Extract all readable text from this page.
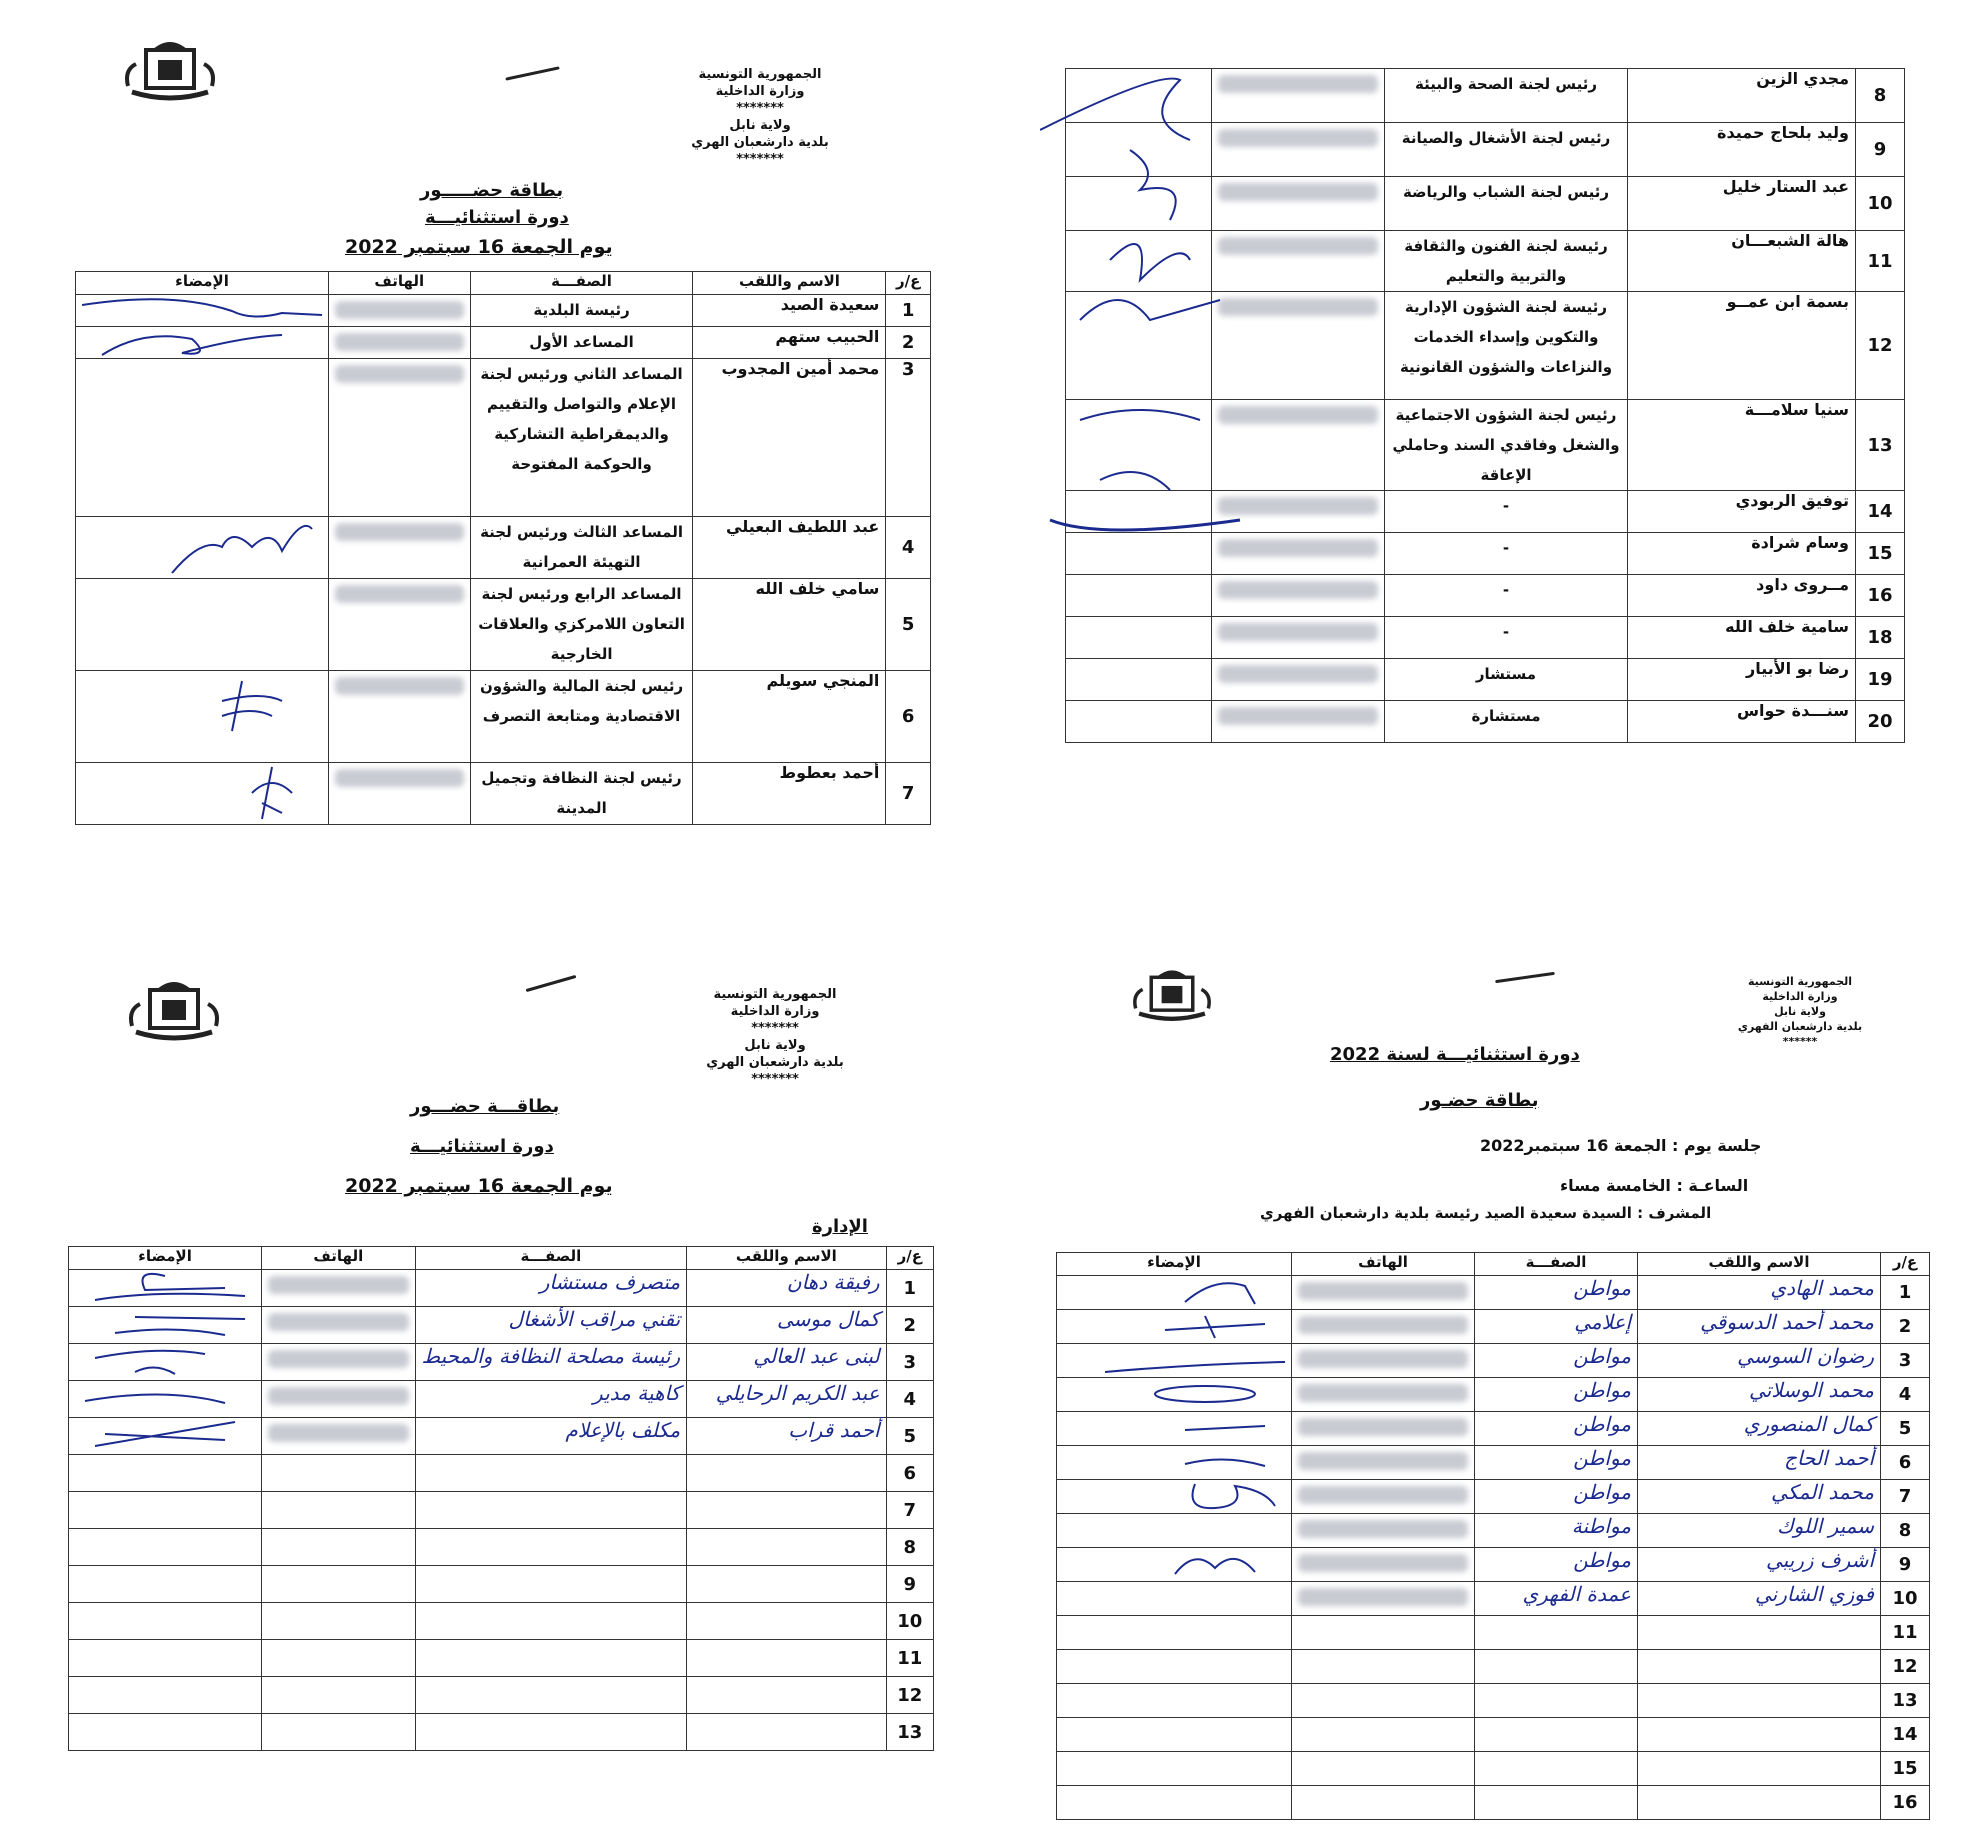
الجمهورية التونسية
وزارة الداخلية
*******
ولاية نابل
بلدية دارشعبان الهري
*******
بطاقة حضـــــور
دورة استثنائيـــة
يوم الجمعة 16 سبتمبر 2022
ع/ر	الاسم واللقب	الصفـــة	الهاتف	الإمضاء
1	سعيدة الصيد	رئيسة البلدية	

2	الحبيب ستهم	المساعد الأول	

3	محمد أمين المجدوب	المساعد الثاني ورئيس لجنة الإعلام والتواصل والتقييم والديمقراطية التشاركية والحوكمة المفتوحة	

4	عبد اللطيف البعيلي	المساعد الثالث ورئيس لجنة التهيئة العمرانية	

5	سامي خلف الله	المساعد الرابع ورئيس لجنة التعاون اللامركزي والعلاقات الخارجية	

6	المنجي سويلم	رئيس لجنة المالية والشؤون الاقتصادية ومتابعة التصرف	

7	أحمد بعطوط	رئيس لجنة النظافة وتجميل المدينة	

8	مجدي الزين	رئيس لجنة الصحة والبيئة	

9	وليد بلحاج حميدة	رئيس لجنة الأشغال والصيانة	

10	عبد الستار خليل	رئيس لجنة الشباب والرياضة	

11	هالة الشبعـــان	رئيسة لجنة الفنون والثقافة والتربية والتعليم	

12	بسمة ابن عمــو	رئيسة لجنة الشؤون الإدارية والتكوين وإسداء الخدمات والنزاعات والشؤون القانونية	

13	سنيا سلامـــة	رئيس لجنة الشؤون الاجتماعية والشغل وفاقدي السند وحاملي الإعاقة	

14	توفيق الربودي	-	

15	وسام شرادة	-	

16	مــروى داود	-	

18	سامية خلف الله	-	

19	رضا بو الأبيار	مستشار	

20	سنـــدة حواس	مستشارة	

الجمهورية التونسية
وزارة الداخلية
*******
ولاية نابل
بلدية دارشعبان الهري
*******
بطاقـــة حضـــور
دورة استثنائيـــة
يوم الجمعة 16 سبتمبر 2022
الإدارة
ع/ر	الاسم واللقب	الصفـــة	الهاتف	الإمضاء
1	رفيقة دهان	متصرف مستشار	

2	كمال موسى	تقني مراقب الأشغال	

3	لبنى عبد العالي	رئيسة مصلحة النظافة والمحيط	

4	عبد الكريم الرحايلي	كاهية مدير	

5	أحمد قراب	مكلف بالإعلام	

6				
7				
8				
9				
10				
11				
12				
13				
الجمهورية التونسية
وزارة الداخلية
ولاية نابل
بلدية دارشعبان الفهري
******
دورة استثنائيـــة لسنة 2022
بطاقة حضـور
جلسة يوم : الجمعة 16 سبتمبر2022
الساعـة : الخامسة مساء
المشرف : السيدة سعيدة الصيد رئيسة بلدية دارشعبان الفهري
ع/ر	الاسم واللقب	الصفـــة	الهاتف	الإمضاء
1	محمد الهادي	مواطن	

2	محمد أحمد الدسوقي	إعلامي	

3	رضوان السوسي	مواطن	

4	محمد الوسلاتي	مواطن	

5	كمال المنصوري	مواطن	

6	أحمد الحاج	مواطن	

7	محمد المكي	مواطن	

8	سمير اللوك	مواطنة	

9	أشرف زريبي	مواطن	

10	فوزي الشارني	عمدة الفهري	

11				
12				
13				
14				
15				
16				
